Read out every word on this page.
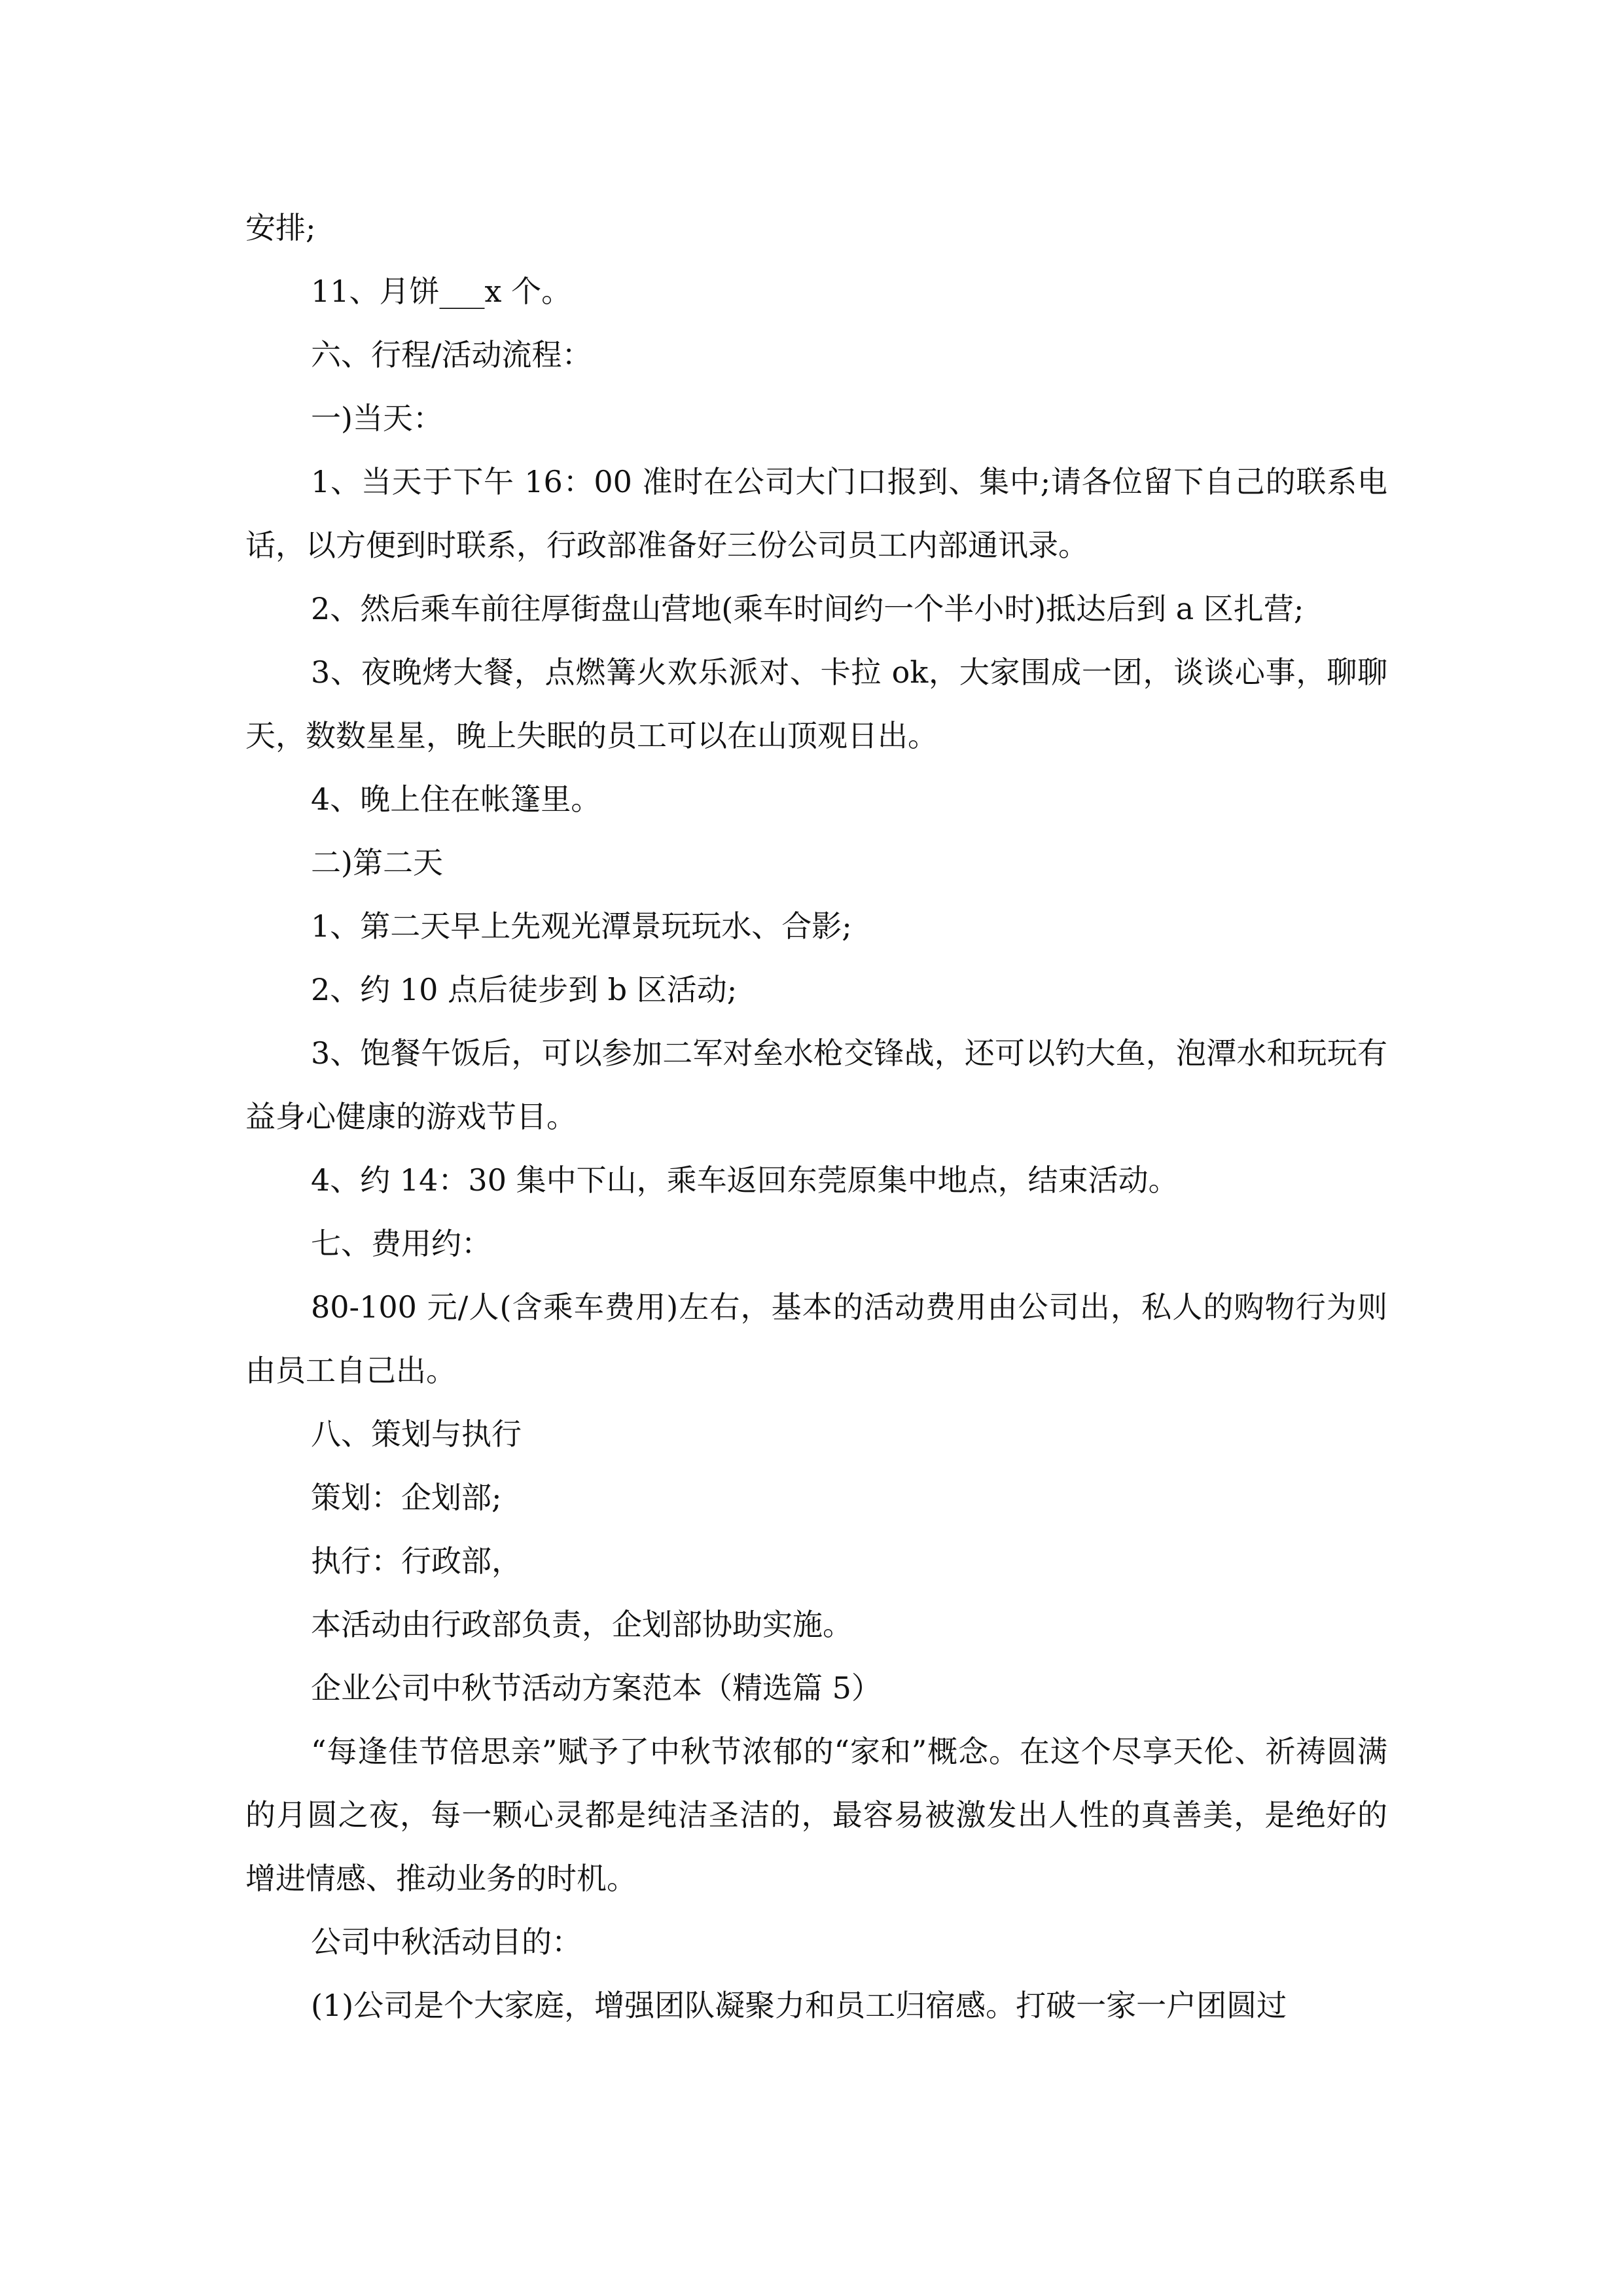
安排;

11、月饼___x 个。

六、行程/活动流程：

一)当天：

1、当天于下午 16：00 准时在公司大门口报到、集中;请各位留下自己的联系电话，以方便到时联系，行政部准备好三份公司员工内部通讯录。

2、然后乘车前往厚街盘山营地(乘车时间约一个半小时)抵达后到 a 区扎营;

3、夜晚烤大餐，点燃篝火欢乐派对、卡拉 ok，大家围成一团，谈谈心事，聊聊天，数数星星，晚上失眠的员工可以在山顶观日出。

4、晚上住在帐篷里。

二)第二天

1、第二天早上先观光潭景玩玩水、合影;

2、约 10 点后徒步到 b 区活动;

3、饱餐午饭后，可以参加二军对垒水枪交锋战，还可以钓大鱼，泡潭水和玩玩有益身心健康的游戏节目。

4、约 14：30 集中下山，乘车返回东莞原集中地点，结束活动。

七、费用约：

80-100 元/人(含乘车费用)左右，基本的活动费用由公司出，私人的购物行为则由员工自己出。

八、策划与执行

策划：企划部;

执行：行政部，

本活动由行政部负责，企划部协助实施。

企业公司中秋节活动方案范本（精选篇 5）

“每逢佳节倍思亲”赋予了中秋节浓郁的“家和”概念。在这个尽享天伦、祈祷圆满的月圆之夜，每一颗心灵都是纯洁圣洁的，最容易被激发出人性的真善美，是绝好的增进情感、推动业务的时机。

公司中秋活动目的：

(1)公司是个大家庭，增强团队凝聚力和员工归宿感。打破一家一户团圆过
